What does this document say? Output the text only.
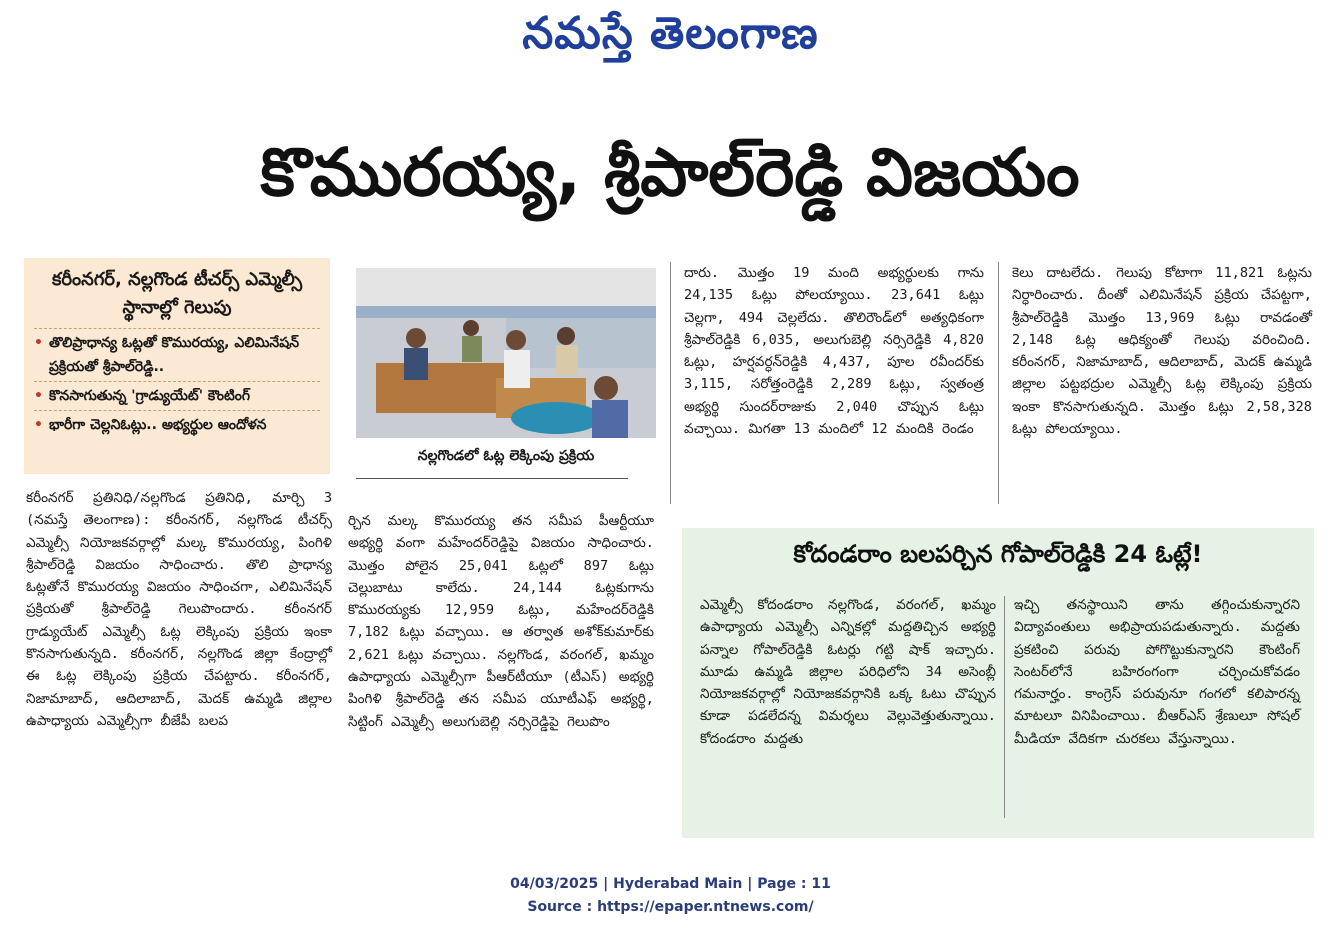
నమస్తే తెలంగాణ
కొమురయ్య, శ్రీపాల్‌రెడ్డి విజయం
కరీంనగర్‌, నల్లగొండ టీచర్స్‌ ఎమ్మెల్సీ స్థానాల్లో గెలుపు
• తొలిప్రాధాన్య ఓట్లతో కొమురయ్య, ఎలిమినేషన్‌ ప్రక్రియతో శ్రీపాల్‌రెడ్డి..
• కొనసాగుతున్న 'గ్రాడ్యుయేట్‌' కౌంటింగ్‌
• భారీగా చెల్లనిఓట్లు.. అభ్యర్థుల ఆందోళన
నల్లగొండలో ఓట్ల లెక్కింపు ప్రక్రియ

కరీంనగర్‌ ప్రతినిధి/నల్లగొండ ప్రతినిధి, మార్చి 3 (నమస్తే తెలంగాణ): కరీంనగర్‌, నల్లగొండ టీచర్స్‌ ఎమ్మెల్సీ నియోజకవర్గాల్లో మల్క కొమురయ్య, పింగిళి శ్రీపాల్‌రెడ్డి విజయం సాధించారు. తొలి ప్రాధాన్య ఓట్లతోనే కొమురయ్య విజయం సాధించగా, ఎలిమినేషన్‌ ప్రక్రియతో శ్రీపాల్‌రెడ్డి గెలుపొందారు. కరీంనగర్‌ గ్రాడ్యుయేట్‌ ఎమ్మెల్సీ ఓట్ల లెక్కింపు ప్రక్రియ ఇంకా కొనసాగుతున్నది. కరీంనగర్‌, నల్లగొండ జిల్లా కేంద్రాల్లో ఈ ఓట్ల లెక్కింపు ప్రక్రియ చేపట్టారు. కరీంనగర్‌, నిజామాబాద్‌, ఆదిలాబాద్‌, మెదక్‌ ఉమ్మడి జిల్లాల ఉపాధ్యాయ ఎమ్మెల్సీగా బీజేపీ బలప

ర్చిన మల్క కొమురయ్య తన సమీప పీఆర్టీయూ అభ్యర్థి వంగా మహేందర్‌రెడ్డిపై విజయం సాధించారు. మొత్తం పోలైన 25,041 ఓట్లలో 897 ఓట్లు చెల్లుబాటు కాలేదు. 24,144 ఓట్లకుగాను కొమురయ్యకు 12,959 ఓట్లు, మహేందర్‌రెడ్డికి 7,182 ఓట్లు వచ్చాయి. ఆ తర్వాత అశోక్‌కుమార్‌కు 2,621 ఓట్లు వచ్చాయి. నల్లగొండ, వరంగల్‌, ఖమ్మం ఉపాధ్యాయ ఎమ్మెల్సీగా పీఆర్‌టీయూ (టీఎస్‌) అభ్యర్థి పింగిళి శ్రీపాల్‌రెడ్డి తన సమీప యూటీఎఫ్‌ అభ్యర్థి, సిట్టింగ్‌ ఎమ్మెల్సీ అలుగుబెల్లి నర్సిరెడ్డిపై గెలుపొం

దారు. మొత్తం 19 మంది అభ్యర్థులకు గాను 24,135 ఓట్లు పోలయ్యాయి. 23,641 ఓట్లు చెల్లగా, 494 చెల్లలేదు. తొలిరౌండ్‌లో అత్యధికంగా శ్రీపాల్‌రెడ్డికి 6,035, అలుగుబెల్లి నర్సిరెడ్డికి 4,820 ఓట్లు, హర్షవర్ధన్‌రెడ్డికి 4,437, పూల రవీందర్‌కు 3,115, సరోత్తంరెడ్డికి 2,289 ఓట్లు, స్వతంత్ర అభ్యర్థి సుందర్‌రాజుకు 2,040 చొప్పున ఓట్లు వచ్చాయి. మిగతా 13 మందిలో 12 మందికి రెండం

కెలు దాటలేదు. గెలుపు కోటాగా 11,821 ఓట్లను నిర్ధారించారు. దీంతో ఎలిమినేషన్‌ ప్రక్రియ చేపట్టగా, శ్రీపాల్‌రెడ్డికి మొత్తం 13,969 ఓట్లు రావడంతో 2,148 ఓట్ల ఆధిక్యంతో గెలుపు వరించింది. కరీంనగర్‌, నిజామాబాద్‌, ఆదిలాబాద్‌, మెదక్‌ ఉమ్మడి జిల్లాల పట్టభద్రుల ఎమ్మెల్సీ ఓట్ల లెక్కింపు ప్రక్రియ ఇంకా కొనసాగుతున్నది. మొత్తం ఓట్లు 2,58,328 ఓట్లు పోలయ్యాయి.

కోదండరాం బలపర్చిన గోపాల్‌రెడ్డికి 24 ఓట్లే!

ఎమ్మెల్సీ కోదండరాం నల్లగొండ, వరంగల్‌, ఖమ్మం ఉపాధ్యాయ ఎమ్మెల్సీ ఎన్నికల్లో మద్దతిచ్చిన అభ్యర్థి పన్నాల గోపాల్‌రెడ్డికి ఓటర్లు గట్టి షాక్‌ ఇచ్చారు. మూడు ఉమ్మడి జిల్లాల పరిధిలోని 34 అసెంబ్లీ నియోజకవర్గాల్లో నియోజకవర్గానికి ఒక్క ఓటు చొప్పున కూడా పడలేదన్న విమర్శలు వెల్లువెత్తుతున్నాయి. కోదండరాం మద్దతు

ఇచ్చి తనస్థాయిని తాను తగ్గించుకున్నారని విద్యావంతులు అభిప్రాయపడుతున్నారు. మద్దతు ప్రకటించి పరువు పోగొట్టుకున్నారని కౌంటింగ్‌ సెంటర్‌లోనే బహిరంగంగా చర్చించుకోవడం గమనార్హం. కాంగ్రెస్‌ పరువునూ గంగలో కలిపారన్న మాటలూ వినిపించాయి. బీఆర్‌ఎస్‌ శ్రేణులూ సోషల్‌ మీడియా వేదికగా చురకలు వేస్తున్నాయి.

04/03/2025 | Hyderabad Main | Page : 11
Source : https://epaper.ntnews.com/
